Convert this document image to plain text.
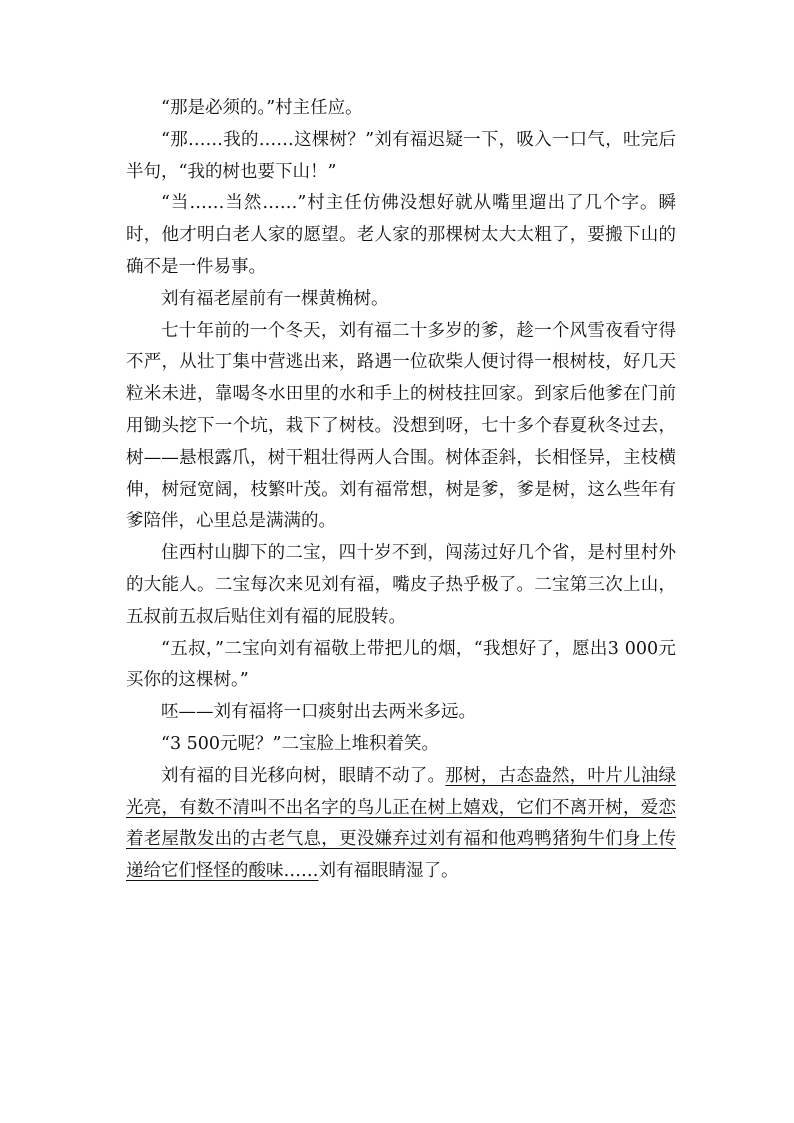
“那是必须的。”村主任应。

“那……我的……这棵树？”刘有福迟疑一下，吸入一口气，吐完后半句，“我的树也要下山！”

“当……当然……”村主任仿佛没想好就从嘴里遛出了几个字。瞬时，他才明白老人家的愿望。老人家的那棵树太大太粗了，要搬下山的确不是一件易事。

刘有福老屋前有一棵黄桷树。

七十年前的一个冬天，刘有福二十多岁的爹，趁一个风雪夜看守得不严，从壮丁集中营逃出来，路遇一位砍柴人便讨得一根树枝，好几天粒米未进，靠喝冬水田里的水和手上的树枝拄回家。到家后他爹在门前用锄头挖下一个坑，栽下了树枝。没想到呀，七十多个春夏秋冬过去，树——悬根露爪，树干粗壮得两人合围。树体歪斜，长相怪异，主枝横伸，树冠宽阔，枝繁叶茂。刘有福常想，树是爹，爹是树，这么些年有爹陪伴，心里总是满满的。

住西村山脚下的二宝，四十岁不到，闯荡过好几个省，是村里村外的大能人。二宝每次来见刘有福，嘴皮子热乎极了。二宝第三次上山，五叔前五叔后贴住刘有福的屁股转。

“五叔，”二宝向刘有福敬上带把儿的烟，“我想好了，愿出3 000元买你的这棵树。”

呸——刘有福将一口痰射出去两米多远。

“3 500元呢？”二宝脸上堆积着笑。

刘有福的目光移向树，眼睛不动了。那树，古态盎然，叶片儿油绿光亮，有数不清叫不出名字的鸟儿正在树上嬉戏，它们不离开树，爱恋着老屋散发出的古老气息，更没嫌弃过刘有福和他鸡鸭猪狗牛们身上传递给它们怪怪的酸味……刘有福眼睛湿了。
